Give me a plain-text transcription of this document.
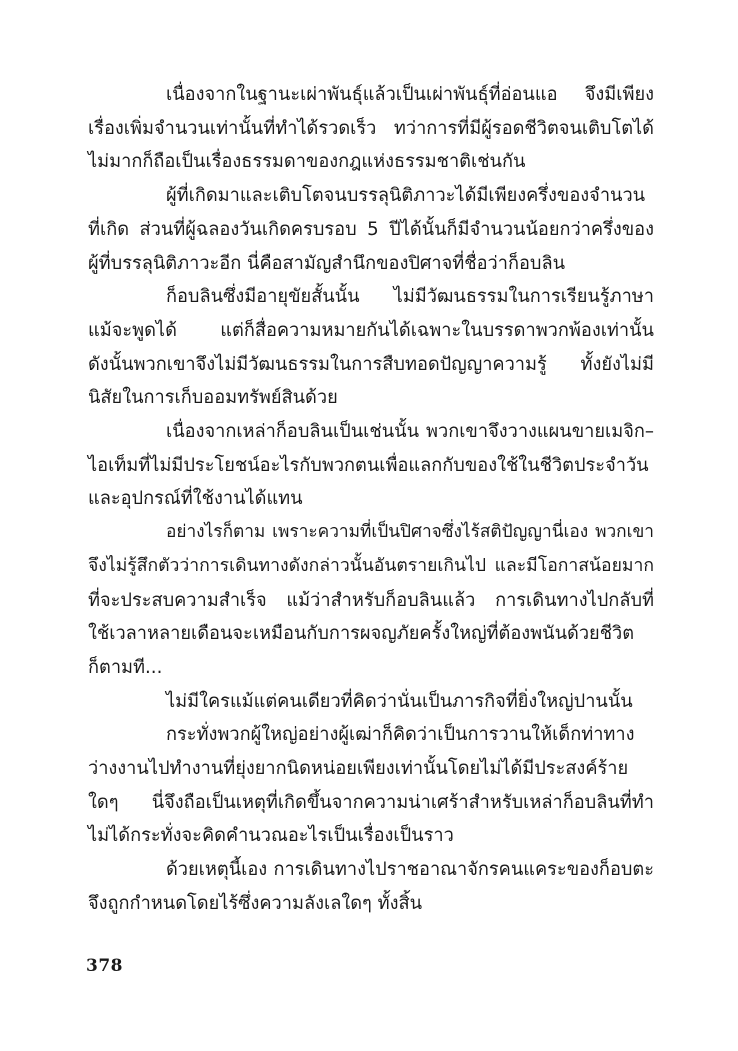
เนื่องจากในฐานะเผ่าพันธุ์แล้วเป็นเผ่าพันธุ์ที่อ่อนแอ จึงมีเพียง
เรื่องเพิ่มจำนวนเท่านั้นที่ทำได้รวดเร็ว ทว่าการที่มีผู้รอดชีวิตจนเติบโตได้
ไม่มากก็ถือเป็นเรื่องธรรมดาของกฎแห่งธรรมชาติเช่นกัน
ผู้ที่เกิดมาและเติบโตจนบรรลุนิติภาวะได้มีเพียงครึ่งของจำนวน
ที่เกิด ส่วนที่ผู้ฉลองวันเกิดครบรอบ 5 ปีได้นั้นก็มีจำนวนน้อยกว่าครึ่งของ
ผู้ที่บรรลุนิติภาวะอีก นี่คือสามัญสำนึกของปิศาจที่ชื่อว่าก็อบลิน
ก็อบลินซึ่งมีอายุขัยสั้นนั้น ไม่มีวัฒนธรรมในการเรียนรู้ภาษา
แม้จะพูดได้ แต่ก็สื่อความหมายกันได้เฉพาะในบรรดาพวกพ้องเท่านั้น
ดังนั้นพวกเขาจึงไม่มีวัฒนธรรมในการสืบทอดปัญญาความรู้ ทั้งยังไม่มี
นิสัยในการเก็บออมทรัพย์สินด้วย
เนื่องจากเหล่าก็อบลินเป็นเช่นนั้น พวกเขาจึงวางแผนขายเมจิก–
ไอเท็มที่ไม่มีประโยชน์อะไรกับพวกตนเพื่อแลกกับของใช้ในชีวิตประจำวัน
และอุปกรณ์ที่ใช้งานได้แทน
อย่างไรก็ตาม เพราะความที่เป็นปิศาจซึ่งไร้สติปัญญานี่เอง พวกเขา
จึงไม่รู้สึกตัวว่าการเดินทางดังกล่าวนั้นอันตรายเกินไป และมีโอกาสน้อยมาก
ที่จะประสบความสำเร็จ แม้ว่าสำหรับก็อบลินแล้ว การเดินทางไปกลับที่
ใช้เวลาหลายเดือนจะเหมือนกับการผจญภัยครั้งใหญ่ที่ต้องพนันด้วยชีวิต
ก็ตามที...
ไม่มีใครแม้แต่คนเดียวที่คิดว่านั่นเป็นภารกิจที่ยิ่งใหญ่ปานนั้น
กระทั่งพวกผู้ใหญ่อย่างผู้เฒ่าก็คิดว่าเป็นการวานให้เด็กท่าทาง
ว่างงานไปทำงานที่ยุ่งยากนิดหน่อยเพียงเท่านั้นโดยไม่ได้มีประสงค์ร้าย
ใดๆ นี่จึงถือเป็นเหตุที่เกิดขึ้นจากความน่าเศร้าสำหรับเหล่าก็อบลินที่ทำ
ไม่ได้กระทั่งจะคิดคำนวณอะไรเป็นเรื่องเป็นราว
ด้วยเหตุนี้เอง การเดินทางไปราชอาณาจักรคนแคระของก็อบตะ
จึงถูกกำหนดโดยไร้ซึ่งความลังเลใดๆ ทั้งสิ้น
378
